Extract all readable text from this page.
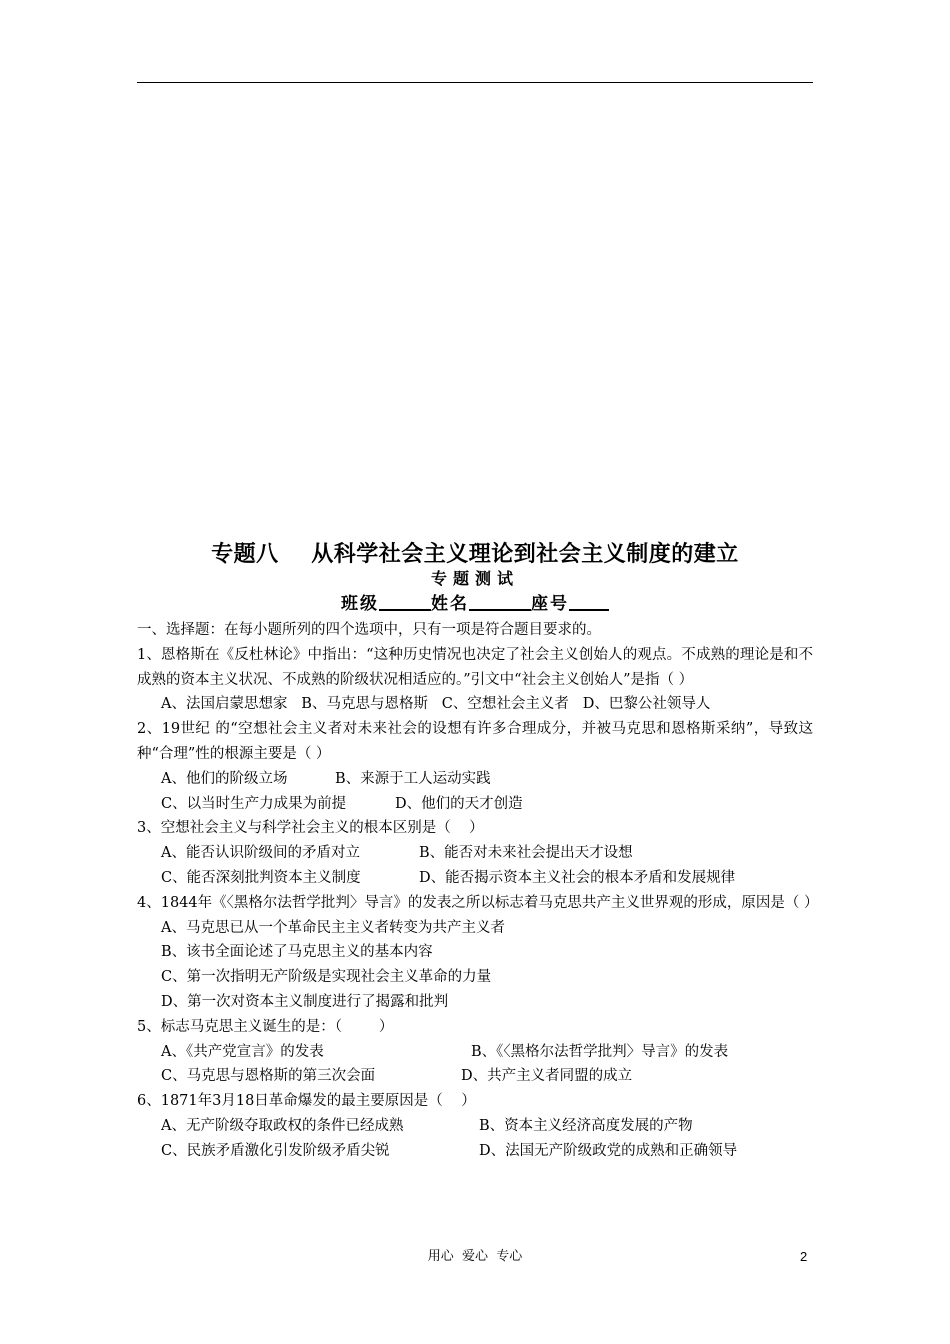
专题八    从科学社会主义理论到社会主义制度的建立
专题测试
班级	姓名	座号
一、选择题：在每小题所列的四个选项中，只有一项是符合题目要求的。
1、恩格斯在《反杜林论》中指出：“这种历史情况也决定了社会主义创始人的观点。不成熟的理论是和不成熟的资本主义状况、不成熟的阶级状况相适应的。”引文中“社会主义创始人”是指（ ）
A、法国启蒙思想家   B、马克思与恩格斯   C、空想社会主义者   D、巴黎公社领导人
2、19世纪 的“空想社会主义者对未来社会的设想有许多合理成分，并被马克思和恩格斯采纳”，导致这种“合理”性的根源主要是（ ）
A、他们的阶级立场	B、来源于工人运动实践
C、以当时生产力成果为前提	D、他们的天才创造
3、空想社会主义与科学社会主义的根本区别是（    ）
A、能否认识阶级间的矛盾对立	B、能否对未来社会提出天才设想
C、能否深刻批判资本主义制度	D、能否揭示资本主义社会的根本矛盾和发展规律
4、1844年《〈黑格尔法哲学批判〉导言》的发表之所以标志着马克思共产主义世界观的形成，原因是（ ）
A、马克思已从一个革命民主主义者转变为共产主义者
B、该书全面论述了马克思主义的基本内容
C、第一次指明无产阶级是实现社会主义革命的力量
D、第一次对资本主义制度进行了揭露和批判
5、标志马克思主义诞生的是：（        ）
A、《共产党宣言》的发表	B、《〈黑格尔法哲学批判〉导言》的发表
C、马克思与恩格斯的第三次会面	D、共产主义者同盟的成立
6、1871年3月18日革命爆发的最主要原因是（    ）
A、无产阶级夺取政权的条件已经成熟	B、资本主义经济高度发展的产物
C、民族矛盾激化引发阶级矛盾尖锐	D、法国无产阶级政党的成熟和正确领导
用心  爱心  专心	2
